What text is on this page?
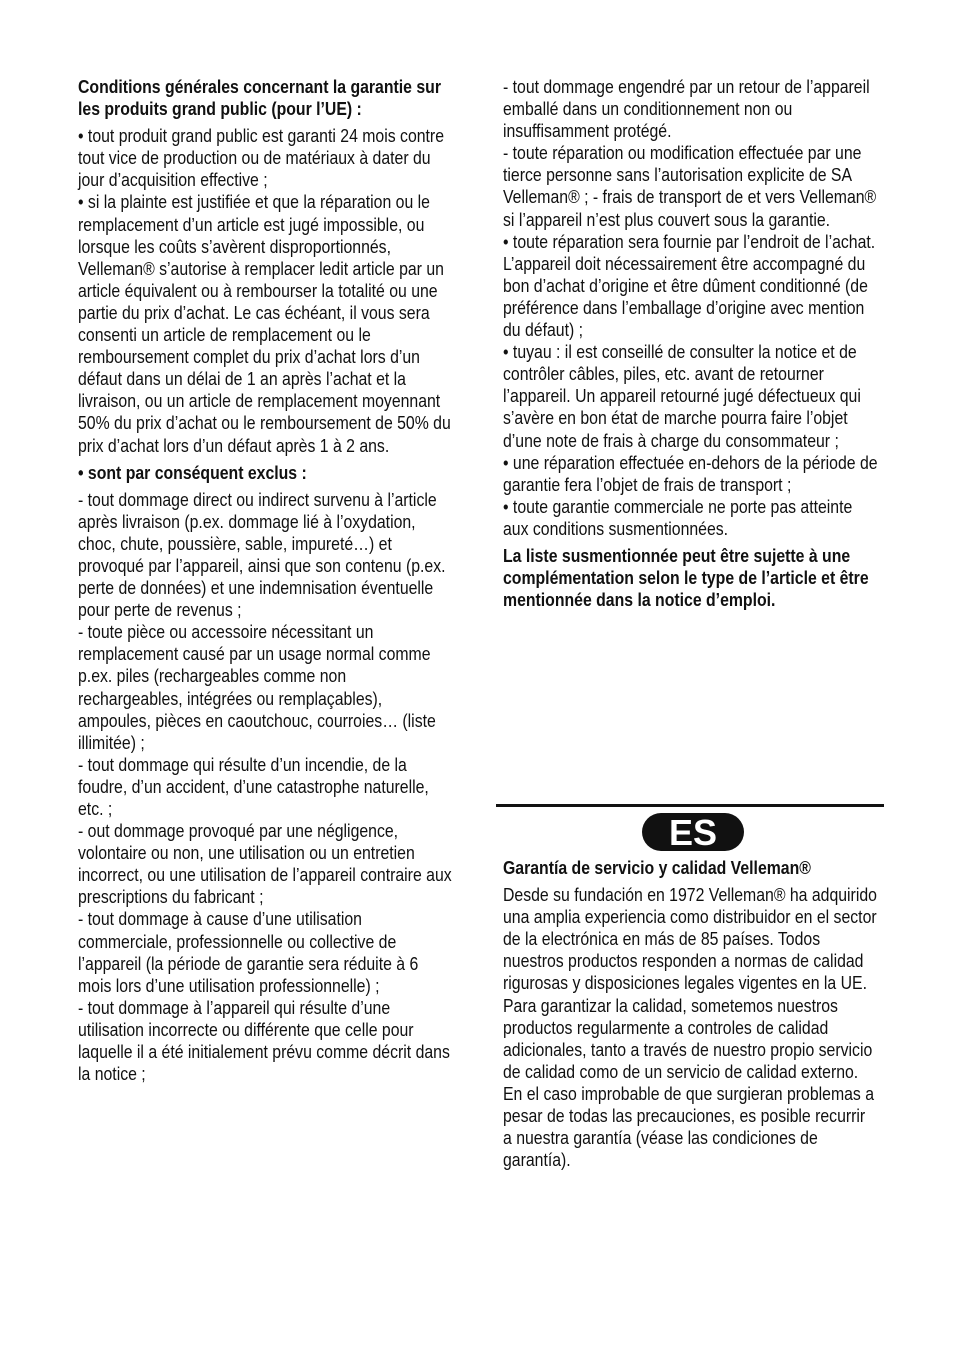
Conditions générales concernant la garantie sur les produits grand public (pour l’UE) :

• tout produit grand public est garanti 24 mois contre tout vice de production ou de matériaux à dater du jour d’acquisition effective ;

• si la plainte est justifiée et que la réparation ou le remplacement d’un article est jugé impossible, ou lorsque les coûts s’avèrent disproportionnés, Velleman® s’autorise à remplacer ledit article par un article équivalent ou à rembourser la totalité ou une partie du prix d’achat. Le cas échéant, il vous sera consenti un article de remplacement ou le remboursement complet du prix d’achat lors d’un défaut dans un délai de 1 an après l’achat et la livraison, ou un article de remplacement moyennant 50% du prix d’achat ou le remboursement de 50% du prix d’achat lors d’un défaut après 1 à 2 ans.

• sont par conséquent exclus :

- tout dommage direct ou indirect survenu à l’article après livraison (p.ex. dommage lié à l’oxydation, choc, chute, poussière, sable, impureté…) et provoqué par l’appareil, ainsi que son contenu (p.ex. perte de données) et une indemnisation éventuelle pour perte de revenus ;

- toute pièce ou accessoire nécessitant un remplacement causé par un usage normal comme p.ex. piles (rechargeables comme non rechargeables, intégrées ou remplaçables), ampoules, pièces en caoutchouc, courroies… (liste illimitée) ;

- tout dommage qui résulte d’un incendie, de la foudre, d’un accident, d’une catastrophe naturelle, etc. ;

- out dommage provoqué par une négligence, volontaire ou non, une utilisation ou un entretien incorrect, ou une utilisation de l’appareil contraire aux prescriptions du fabricant ;

- tout dommage à cause d’une utilisation commerciale, professionnelle ou collective de l’appareil (la période de garantie sera réduite à 6 mois lors d’une utilisation professionnelle) ;

- tout dommage à l’appareil qui résulte d’une utilisation incorrecte ou différente que celle pour laquelle il a été initialement prévu comme décrit dans la notice ;

- tout dommage engendré par un retour de l’appareil emballé dans un conditionnement non ou insuffisamment protégé.

- toute réparation ou modification effectuée par une tierce personne sans l’autorisation explicite de SA Velleman® ; - frais de transport de et vers Velleman® si l’appareil n’est plus couvert sous la garantie.

• toute réparation sera fournie par l’endroit de l’achat. L’appareil doit nécessairement être accompagné du bon d’achat d’origine et être dûment conditionné (de préférence dans l’emballage d’origine avec mention du défaut) ;

• tuyau : il est conseillé de consulter la notice et de contrôler câbles, piles, etc. avant de retourner l’appareil. Un appareil retourné jugé défectueux qui s’avère en bon état de marche pourra faire l’objet d’une note de frais à charge du consommateur ;

• une réparation effectuée en-dehors de la période de garantie fera l’objet de frais de transport ;

• toute garantie commerciale ne porte pas atteinte aux conditions susmentionnées.

La liste susmentionnée peut être sujette à une complémentation selon le type de l’article et être mentionnée dans la notice d’emploi.

ES

Garantía de servicio y calidad Velleman®

Desde su fundación en 1972 Velleman® ha adquirido una amplia experiencia como distribuidor en el sector de la electrónica en más de 85 países. Todos nuestros productos responden a normas de calidad rigurosas y disposiciones legales vigentes en la UE. Para garantizar la calidad, sometemos nuestros productos regularmente a controles de calidad adicionales, tanto a través de nuestro propio servicio de calidad como de un servicio de calidad externo. En el caso improbable de que surgieran problemas a pesar de todas las precauciones, es posible recurrir a nuestra garantía (véase las condiciones de garantía).
